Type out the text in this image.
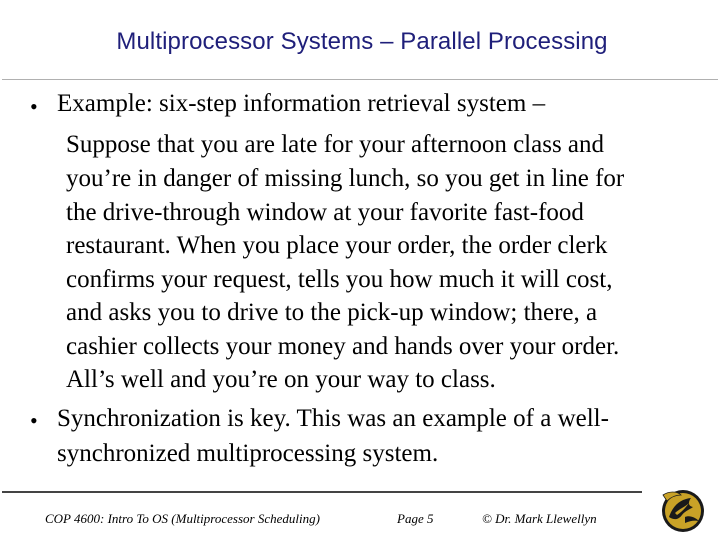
Multiprocessor Systems – Parallel Processing
• Example: six-step information retrieval system –
Suppose that you are late for your afternoon class and
you’re in danger of missing lunch, so you get in line for
the drive-through window at your favorite fast-food
restaurant. When you place your order, the order clerk
confirms your request, tells you how much it will cost,
and asks you to drive to the pick-up window; there, a
cashier collects your money and hands over your order.
All’s well and you’re on your way to class.
• Synchronization is key. This was an example of a well-
synchronized multiprocessing system.
COP 4600: Intro To OS (Multiprocessor Scheduling)	Page 5	© Dr. Mark Llewellyn
